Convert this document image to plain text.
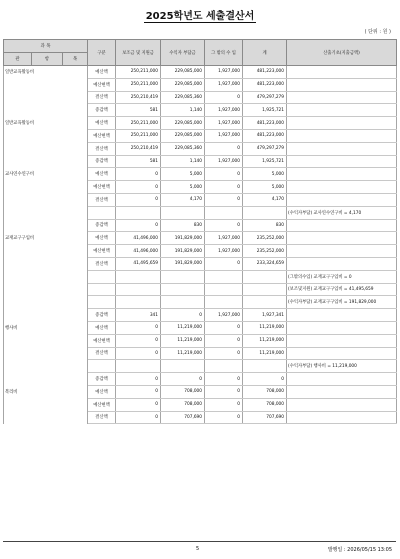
2025학년도 세출결산서
( 단위 : 원 )
과 목			구분	보조금 및 지원금	수익자 부담금	그 밖의 수 입	계	산출기초(지출금액)
관	항	목						
일반교육활동비			예산액	250,211,000	229,085,000	1,927,000	481,223,000	
			예산현액	250,211,000	229,085,000	1,927,000	481,223,000	
			결산액	250,210,419	229,085,360	0	479,297,279	
			증감액	581	1,140	1,927,000	1,925,721	
일반교육활동비			예산액	250,211,000	229,085,000	1,927,000	481,223,000	
			예산현액	250,211,000	229,085,000	1,927,000	481,223,000	
			결산액	250,210,419	229,085,360	0	479,297,279	
			증감액	581	1,140	1,927,000	1,925,721	
교사연수연구비			예산액	0	5,000	0	5,000	
			예산현액	0	5,000	0	5,000	
			결산액	0	4,170	0	4,170	
								(수익자부담) 교사연수연구비 = 4,170
			증감액	0	830	0	830	
교재교구구입비			예산액	41,496,000	191,829,000	1,927,000	235,252,000	
			예산현액	41,496,000	191,829,000	1,927,000	235,252,000	
			결산액	41,495,659	191,829,000	0	233,324,659	
								(그밖의수입) 교재교구구입비 = 0
								(보조및지원) 교재교구구입비 = 41,495,659
								(수익자부담) 교재교구구입비 = 191,829,000
			증감액	341	0	1,927,000	1,927,341	
행사비			예산액	0	11,219,000	0	11,219,000	
			예산현액	0	11,219,000	0	11,219,000	
			결산액	0	11,219,000	0	11,219,000	
								(수익자부담) 행사비 = 11,219,000
			증감액	0	0	0	0	
복리비			예산액	0	708,000	0	708,000	
			예산현액	0	708,000	0	708,000	
			결산액	0	707,690	0	707,690	
5	발행일 : 2026/05/15 13:05
